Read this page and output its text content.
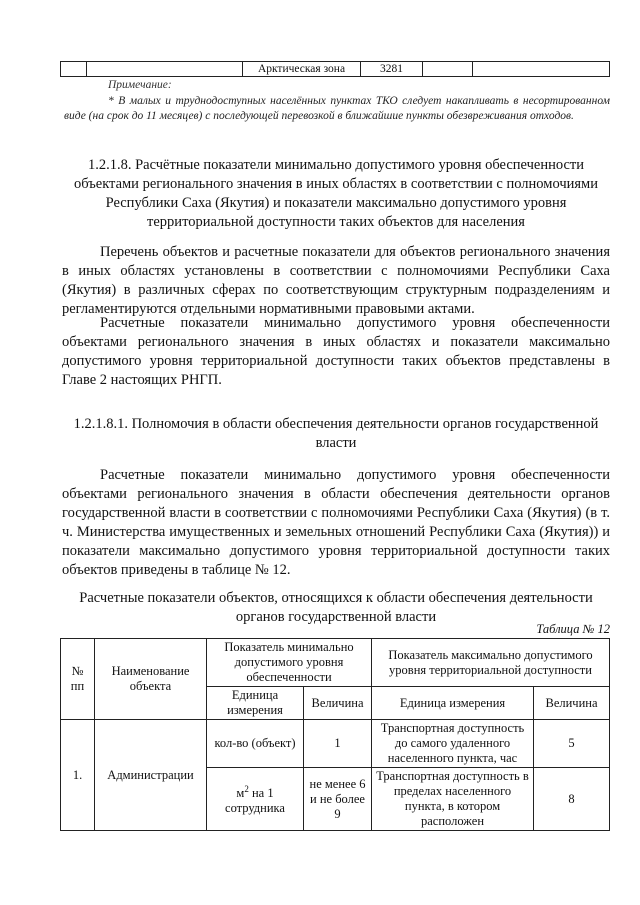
		Арктическая зона	3281		
Примечание:
* В малых и труднодоступных населённых пунктах ТКО следует накапливать в несортированном виде (на срок до 11 месяцев) с последующей перевозкой в ближайшие пункты обезвреживания отходов.
1.2.1.8. Расчётные показатели минимально допустимого уровня обеспеченности объектами регионального значения в иных областях в соответствии с полномочиями Республики Саха (Якутия) и показатели максимально допустимого уровня территориальной доступности таких объектов для населения
Перечень объектов и расчетные показатели для объектов регионального значения в иных областях установлены в соответствии с полномочиями Республики Саха (Якутия) в различных сферах по соответствующим структурным подразделениям и регламентируются отдельными нормативными правовыми актами.
Расчетные показатели минимально допустимого уровня обеспеченности объектами регионального значения в иных областях и показатели максимально допустимого уровня территориальной доступности таких объектов представлены в Главе 2 настоящих РНГП.
1.2.1.8.1. Полномочия в области обеспечения деятельности органов государственной власти
Расчетные показатели минимально допустимого уровня обеспеченности объектами регионального значения в области обеспечения деятельности органов государственной власти в соответствии с полномочиями Республики Саха (Якутия) (в т. ч. Министерства имущественных и земельных отношений Республики Саха (Якутия)) и показатели максимально допустимого уровня территориальной доступности таких объектов приведены в таблице № 12.
Расчетные показатели объектов, относящихся к области обеспечения деятельности органов государственной власти
Таблица № 12
№ пп	Наименование объекта	Показатель минимально допустимого уровня обеспеченности		Показатель максимально допустимого уровня территориальной доступности	
		Единица измерения	Величина	Единица измерения	Величина
1.	Администрации	кол-во (объект)	1	Транспортная доступность до самого удаленного населенного пункта, час	5
		$м^2$ на 1 сотрудника	не менее 6 и не более 9	Транспортная доступность в пределах населенного пункта, в котором расположен	8
